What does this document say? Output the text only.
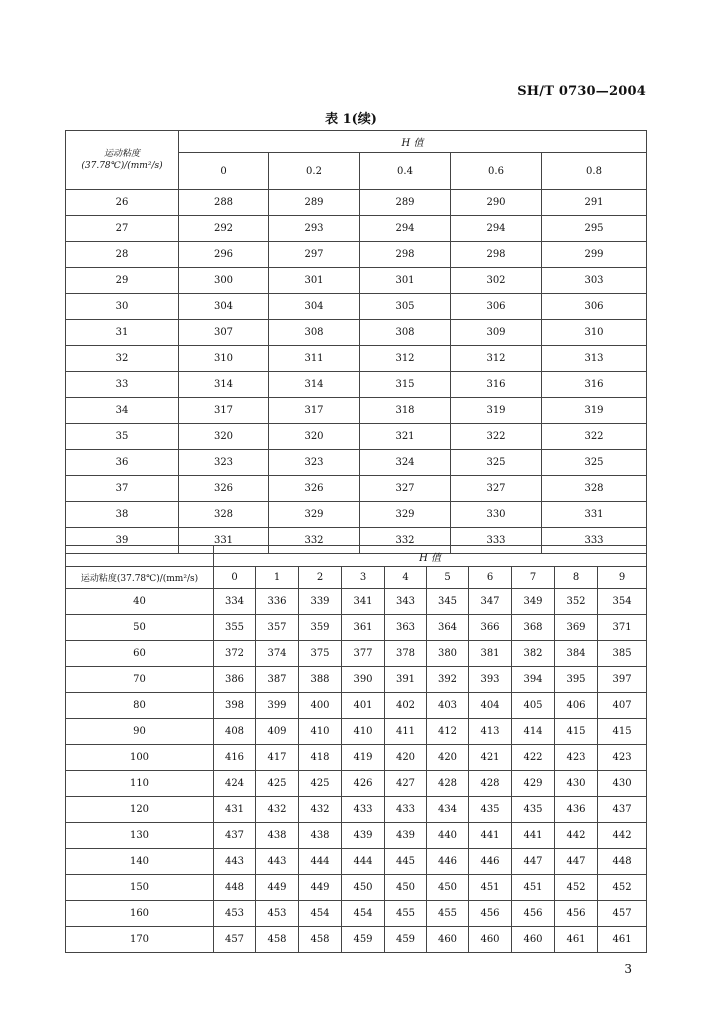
SH/T 0730—2004
表 1(续)
运动粘度(37.78℃)/(mm²/s)	H 值				
	0	0.2	0.4	0.6	0.8
26	288	289	289	290	291
27	292	293	294	294	295
28	296	297	298	298	299
29	300	301	301	302	303
30	304	304	305	306	306
31	307	308	308	309	310
32	310	311	312	312	313
33	314	314	315	316	316
34	317	317	318	319	319
35	320	320	321	322	322
36	323	323	324	325	325
37	326	326	327	327	328
38	328	329	329	330	331
39	331	332	332	333	333
	H 值									
运动粘度(37.78℃)/(mm²/s)	0	1	2	3	4	5	6	7	8	9
40	334	336	339	341	343	345	347	349	352	354
50	355	357	359	361	363	364	366	368	369	371
60	372	374	375	377	378	380	381	382	384	385
70	386	387	388	390	391	392	393	394	395	397
80	398	399	400	401	402	403	404	405	406	407
90	408	409	410	410	411	412	413	414	415	415
100	416	417	418	419	420	420	421	422	423	423
110	424	425	425	426	427	428	428	429	430	430
120	431	432	432	433	433	434	435	435	436	437
130	437	438	438	439	439	440	441	441	442	442
140	443	443	444	444	445	446	446	447	447	448
150	448	449	449	450	450	450	451	451	452	452
160	453	453	454	454	455	455	456	456	456	457
170	457	458	458	459	459	460	460	460	461	461
3
